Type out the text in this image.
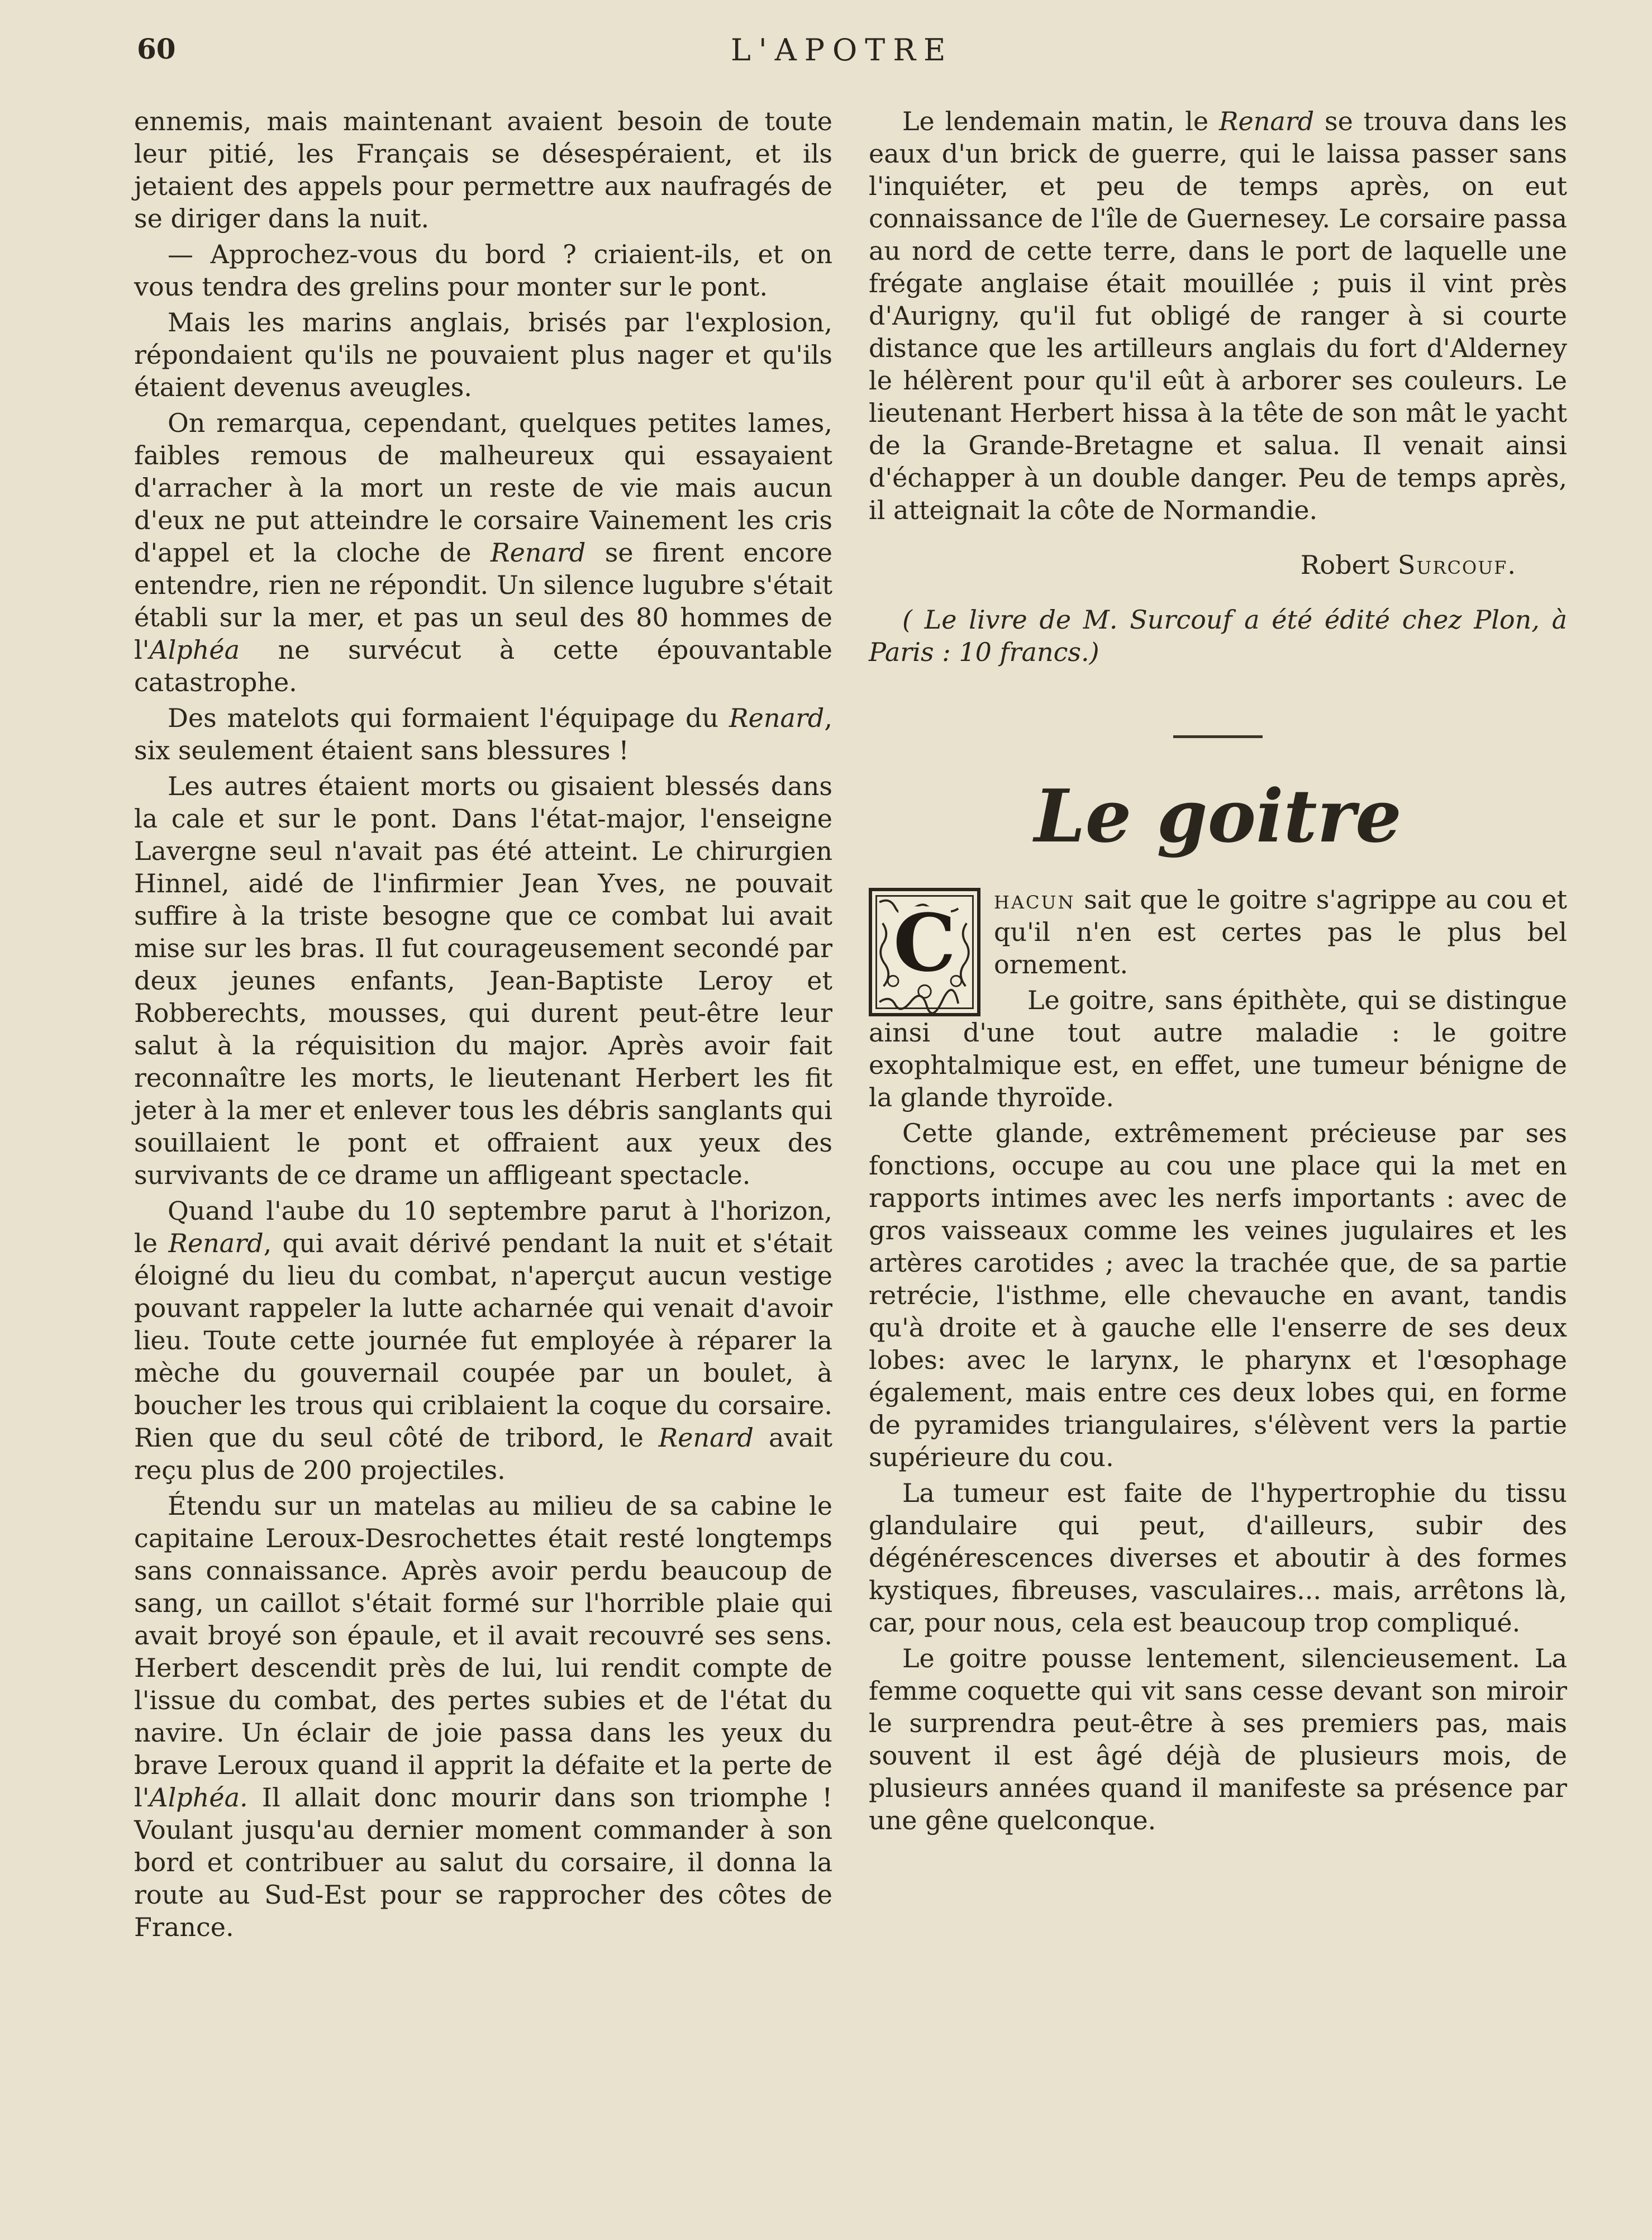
60	L'APOTRE

ennemis, mais maintenant avaient besoin de toute leur pitié, les Français se désespéraient, et ils jetaient des appels pour permettre aux naufragés de se diriger dans la nuit.

— Approchez-vous du bord ? criaient-ils, et on vous tendra des grelins pour monter sur le pont.

Mais les marins anglais, brisés par l'explosion, répondaient qu'ils ne pouvaient plus nager et qu'ils étaient devenus aveugles.

On remarqua, cependant, quelques petites lames, faibles remous de malheureux qui essayaient d'arracher à la mort un reste de vie mais aucun d'eux ne put atteindre le corsaire Vainement les cris d'appel et la cloche de Renard se firent encore entendre, rien ne répondit. Un silence lugubre s'était établi sur la mer, et pas un seul des 80 hommes de l'Alphéa ne survécut à cette épouvantable catastrophe.

Des matelots qui formaient l'équipage du Renard, six seulement étaient sans blessures !

Les autres étaient morts ou gisaient blessés dans la cale et sur le pont. Dans l'état-major, l'enseigne Lavergne seul n'avait pas été atteint. Le chirurgien Hinnel, aidé de l'infirmier Jean Yves, ne pouvait suffire à la triste besogne que ce combat lui avait mise sur les bras. Il fut courageusement secondé par deux jeunes enfants, Jean-Baptiste Leroy et Robberechts, mousses, qui durent peut-être leur salut à la réquisition du major. Après avoir fait reconnaître les morts, le lieutenant Herbert les fit jeter à la mer et enlever tous les débris sanglants qui souillaient le pont et offraient aux yeux des survivants de ce drame un affligeant spectacle.

Quand l'aube du 10 septembre parut à l'horizon, le Renard, qui avait dérivé pendant la nuit et s'était éloigné du lieu du combat, n'aperçut aucun vestige pouvant rappeler la lutte acharnée qui venait d'avoir lieu. Toute cette journée fut employée à réparer la mèche du gouvernail coupée par un boulet, à boucher les trous qui criblaient la coque du corsaire. Rien que du seul côté de tribord, le Renard avait reçu plus de 200 projectiles.

Étendu sur un matelas au milieu de sa cabine le capitaine Leroux-Desrochettes était resté longtemps sans connaissance. Après avoir perdu beaucoup de sang, un caillot s'était formé sur l'horrible plaie qui avait broyé son épaule, et il avait recouvré ses sens. Herbert descendit près de lui, lui rendit compte de l'issue du combat, des pertes subies et de l'état du navire. Un éclair de joie passa dans les yeux du brave Leroux quand il apprit la défaite et la perte de l'Alphéa. Il allait donc mourir dans son triomphe ! Voulant jusqu'au dernier moment commander à son bord et contribuer au salut du corsaire, il donna la route au Sud-Est pour se rapprocher des côtes de France.

Le lendemain matin, le Renard se trouva dans les eaux d'un brick de guerre, qui le laissa passer sans l'inquiéter, et peu de temps après, on eut connaissance de l'île de Guernesey. Le corsaire passa au nord de cette terre, dans le port de laquelle une frégate anglaise était mouillée ; puis il vint près d'Aurigny, qu'il fut obligé de ranger à si courte distance que les artilleurs anglais du fort d'Alderney le hélèrent pour qu'il eût à arborer ses couleurs. Le lieutenant Herbert hissa à la tête de son mât le yacht de la Grande-Bretagne et salua. Il venait ainsi d'échapper à un double danger. Peu de temps après, il atteignait la côte de Normandie.

Robert Surcouf.

( Le livre de M. Surcouf a été édité chez Plon, à Paris : 10 francs.)

Le goitre

C hacun sait que le goitre s'agrippe au cou et qu'il n'en est certes pas le plus bel ornement.

Le goitre, sans épithète, qui se distingue ainsi d'une tout autre maladie : le goitre exophtalmique est, en effet, une tumeur bénigne de la glande thyroïde.

Cette glande, extrêmement précieuse par ses fonctions, occupe au cou une place qui la met en rapports intimes avec les nerfs importants : avec de gros vaisseaux comme les veines jugulaires et les artères carotides ; avec la trachée que, de sa partie retrécie, l'isthme, elle chevauche en avant, tandis qu'à droite et à gauche elle l'enserre de ses deux lobes: avec le larynx, le pharynx et l'œsophage également, mais entre ces deux lobes qui, en forme de pyramides triangulaires, s'élèvent vers la partie supérieure du cou.

La tumeur est faite de l'hypertrophie du tissu glandulaire qui peut, d'ailleurs, subir des dégénérescences diverses et aboutir à des formes kystiques, fibreuses, vasculaires... mais, arrêtons là, car, pour nous, cela est beaucoup trop compliqué.

Le goitre pousse lentement, silencieusement. La femme coquette qui vit sans cesse devant son miroir le surprendra peut-être à ses premiers pas, mais souvent il est âgé déjà de plusieurs mois, de plusieurs années quand il manifeste sa présence par une gêne quelconque.
